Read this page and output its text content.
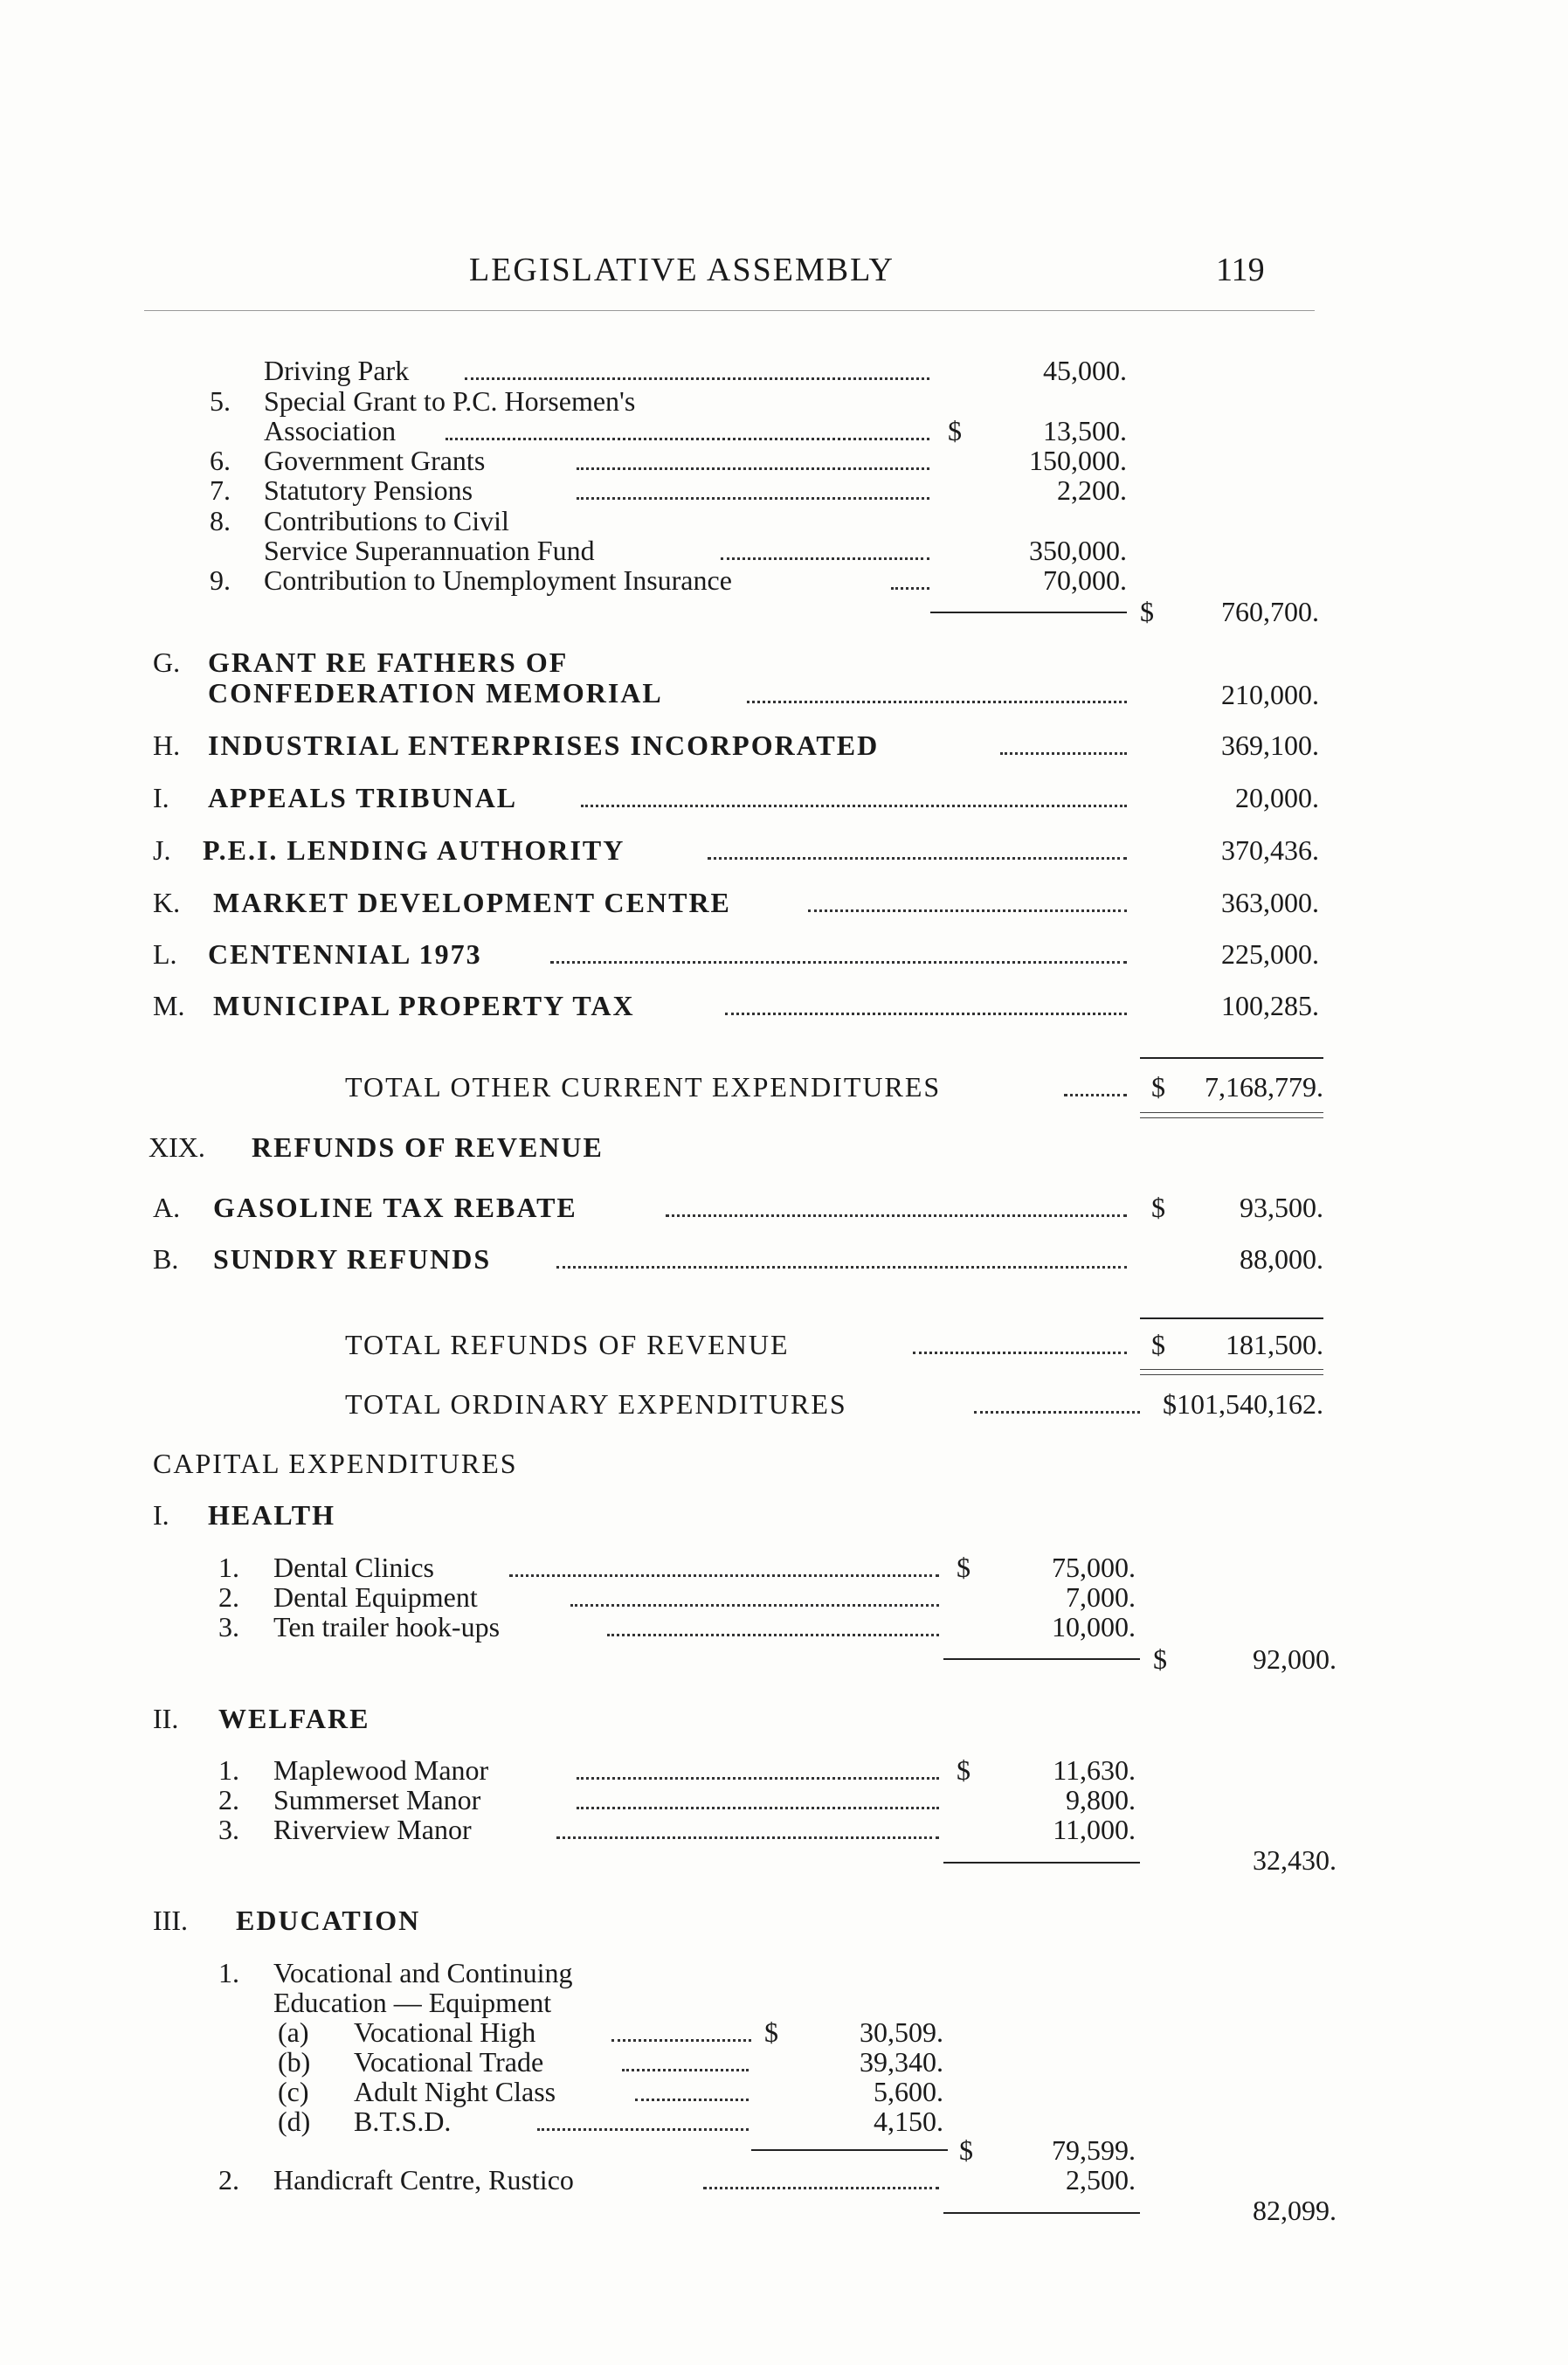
LEGISLATIVE ASSEMBLY	119
Driving Park	45,000.
5. Special Grant to P.C. Horsemen's
Association	$	13,500.
6. Government Grants	150,000.
7. Statutory Pensions	2,200.
8. Contributions to Civil
Service Superannuation Fund	350,000.
9. Contribution to Unemployment Insurance	70,000.
$	760,700.
G. GRANT RE FATHERS OF
CONFEDERATION MEMORIAL	210,000.
H. INDUSTRIAL ENTERPRISES INCORPORATED	369,100.
I. APPEALS TRIBUNAL	20,000.
J. P.E.I. LENDING AUTHORITY	370,436.
K. MARKET DEVELOPMENT CENTRE	363,000.
L. CENTENNIAL 1973	225,000.
M. MUNICIPAL PROPERTY TAX	100,285.
TOTAL OTHER CURRENT EXPENDITURES	$	7,168,779.
XIX. REFUNDS OF REVENUE
A. GASOLINE TAX REBATE	$	93,500.
B. SUNDRY REFUNDS	88,000.
TOTAL REFUNDS OF REVENUE	$	181,500.
TOTAL ORDINARY EXPENDITURES	$101,540,162.
CAPITAL EXPENDITURES
I. HEALTH
1. Dental Clinics	$	75,000.
2. Dental Equipment	7,000.
3. Ten trailer hook-ups	10,000.
$	92,000.
II. WELFARE
1. Maplewood Manor	$	11,630.
2. Summerset Manor	9,800.
3. Riverview Manor	11,000.
32,430.
III. EDUCATION
1. Vocational and Continuing
Education — Equipment
(a) Vocational High	$	30,509.
(b) Vocational Trade	39,340.
(c) Adult Night Class	5,600.
(d) B.T.S.D.	4,150.
$	79,599.
2. Handicraft Centre, Rustico	2,500.
82,099.
